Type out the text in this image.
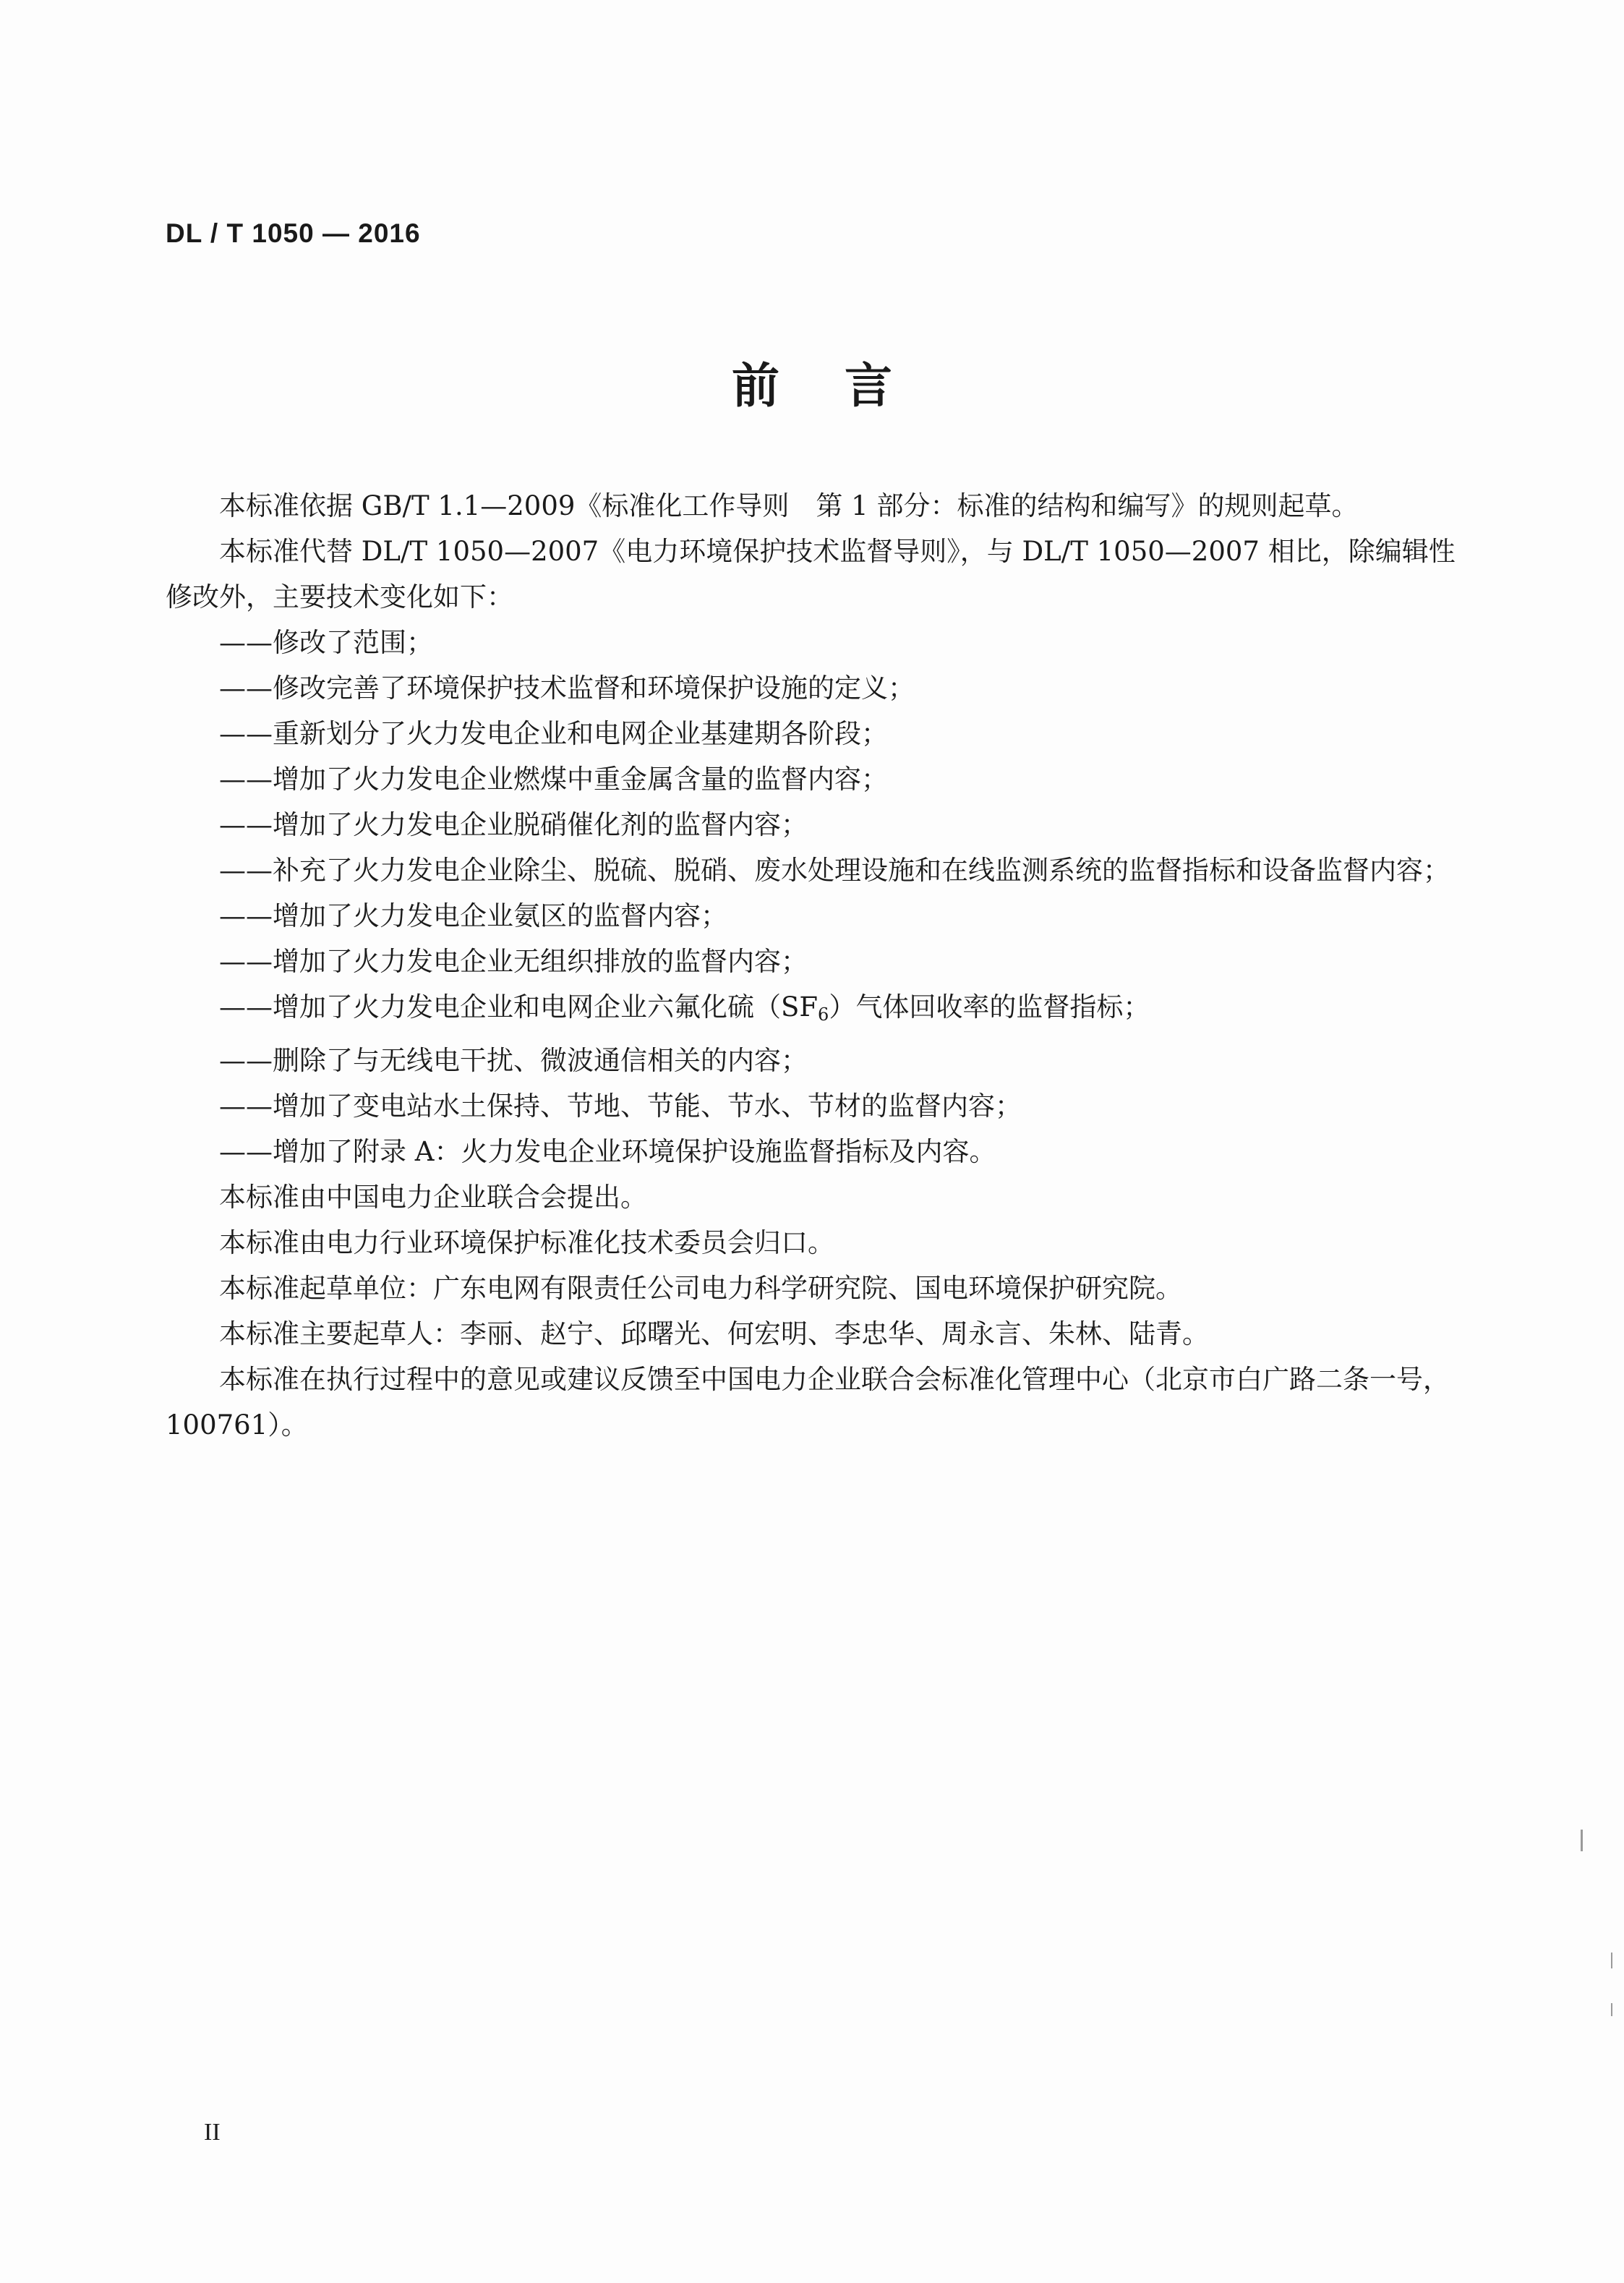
DL / T 1050 — 2016
前言

本标准依据 GB/T 1.1—2009《标准化工作导则　第 1 部分：标准的结构和编写》的规则起草。

本标准代替 DL/T 1050—2007《电力环境保护技术监督导则》，与 DL/T 1050—2007 相比，除编辑性修改外，主要技术变化如下：

——修改了范围；

——修改完善了环境保护技术监督和环境保护设施的定义；

——重新划分了火力发电企业和电网企业基建期各阶段；

——增加了火力发电企业燃煤中重金属含量的监督内容；

——增加了火力发电企业脱硝催化剂的监督内容；

——补充了火力发电企业除尘、脱硫、脱硝、废水处理设施和在线监测系统的监督指标和设备监督内容；

——增加了火力发电企业氨区的监督内容；

——增加了火力发电企业无组织排放的监督内容；

——增加了火力发电企业和电网企业六氟化硫$(SF_6)$气体回收率的监督指标；

——删除了与无线电干扰、微波通信相关的内容；

——增加了变电站水土保持、节地、节能、节水、节材的监督内容；

——增加了附录 A：火力发电企业环境保护设施监督指标及内容。

本标准由中国电力企业联合会提出。

本标准由电力行业环境保护标准化技术委员会归口。

本标准起草单位：广东电网有限责任公司电力科学研究院、国电环境保护研究院。

本标准主要起草人：李丽、赵宁、邱曙光、何宏明、李忠华、周永言、朱林、陆青。

本标准在执行过程中的意见或建议反馈至中国电力企业联合会标准化管理中心（北京市白广路二条一号，100761）。

II
